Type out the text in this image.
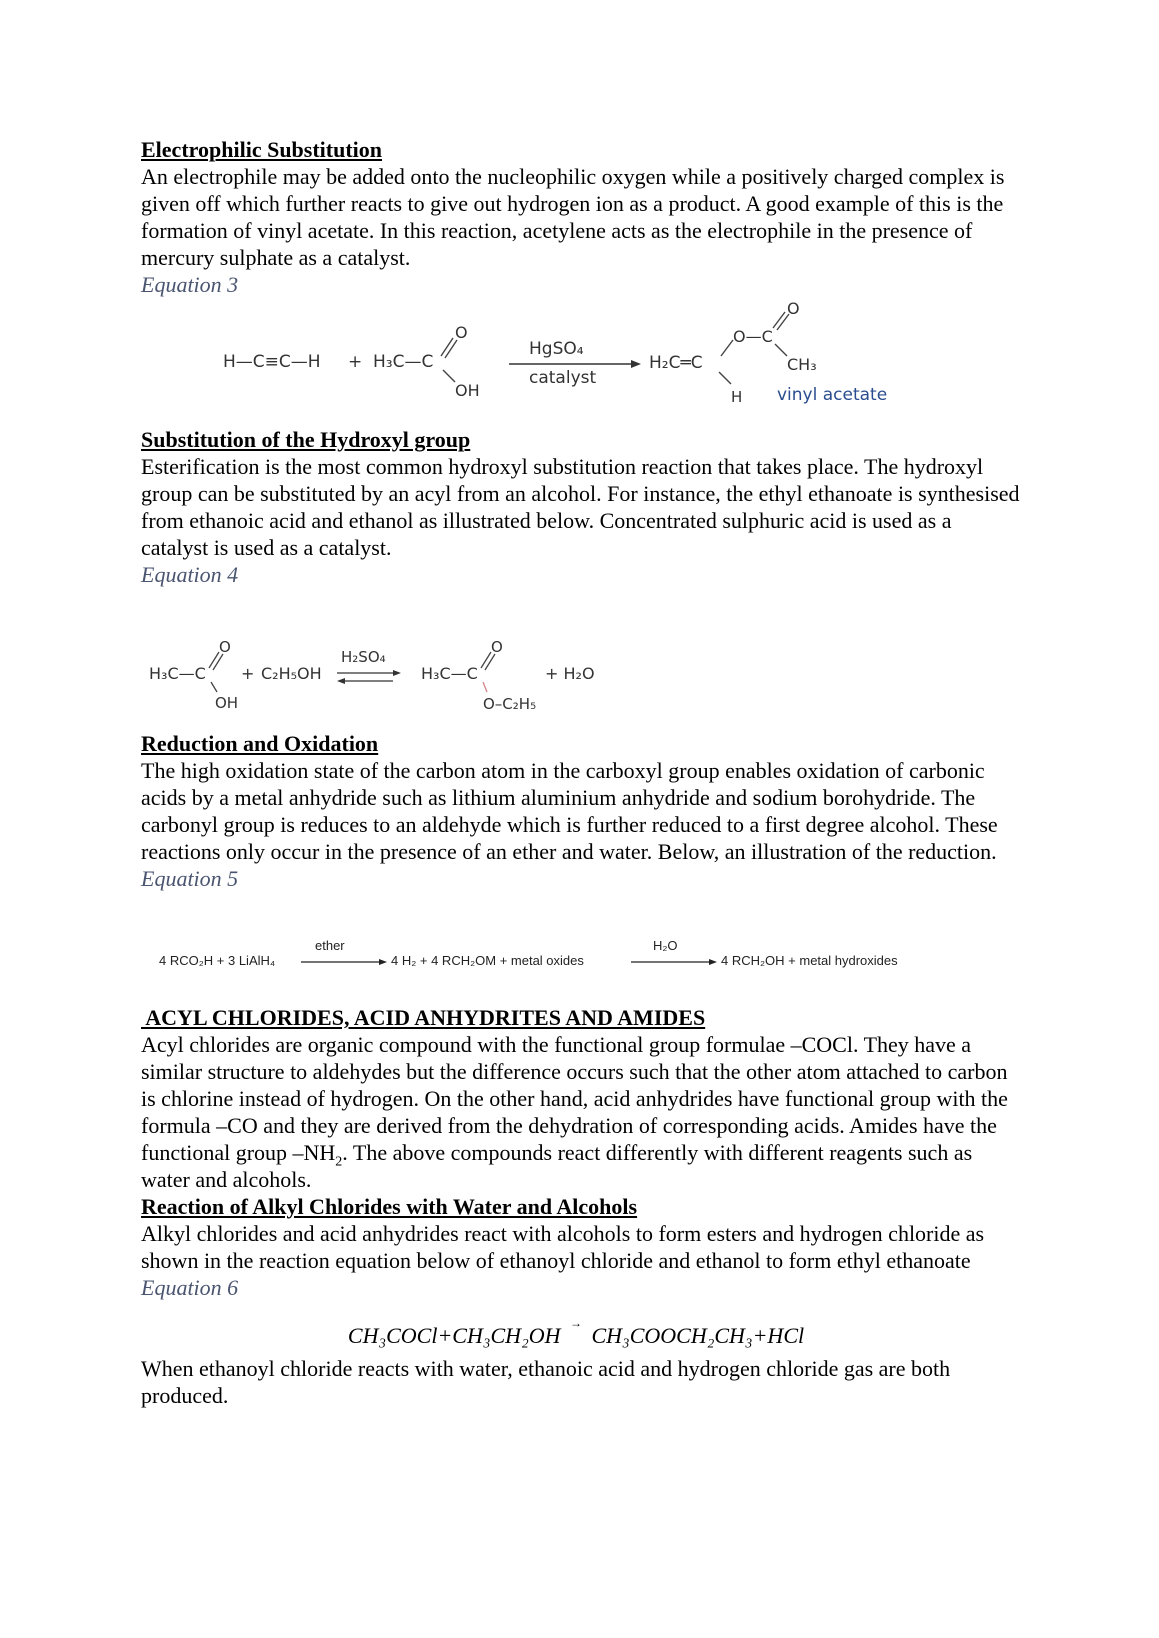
Electrophilic Substitution

An electrophile may be added onto the nucleophilic oxygen while a positively charged complex is given off which further reacts to give out hydrogen ion as a product. A good example of this is the formation of vinyl acetate. In this reaction, acetylene acts as the electrophile in the presence of mercury sulphate as a catalyst.

Equation 3

H—C≡C—H + H₃C—C
O
OH
HgSO₄
catalyst
H₂C═C
O—C
O
CH₃
H vinyl acetate

Substitution of the Hydroxyl group

Esterification is the most common hydroxyl substitution reaction that takes place. The hydroxyl group can be substituted by an acyl from an alcohol. For instance, the ethyl ethanoate is synthesised from ethanoic acid and ethanol as illustrated below. Concentrated sulphuric acid is used as a catalyst is used as a catalyst.

Equation 4

H₃C—C
O
OH
+ C₂H₅OH
H₂SO₄
H₃C—C
O
O–C₂H₅
+ H₂O

Reduction and Oxidation

The high oxidation state of the carbon atom in the carboxyl group enables oxidation of carbonic acids by a metal anhydride such as lithium aluminium anhydride and sodium borohydride. The carbonyl group is reduces to an aldehyde which is further reduced to a first degree alcohol. These reactions only occur in the presence of an ether and water. Below, an illustration of the reduction.

Equation 5

4 RCO₂H + 3 LiAlH₄
ether
4 H₂ + 4 RCH₂OM + metal oxides
H₂O
4 RCH₂OH + metal hydroxides

ACYL CHLORIDES, ACID ANHYDRITES AND AMIDES

Acyl chlorides are organic compound with the functional group formulae –COCl. They have a similar structure to aldehydes but the difference occurs such that the other atom attached to carbon is chlorine instead of hydrogen. On the other hand, acid anhydrides have functional group with the formula –CO and they are derived from the dehydration of corresponding acids. Amides have the functional group $-NH_2$. The above compounds react differently with different reagents such as water and alcohols.

Reaction of Alkyl Chlorides with Water and Alcohols

Alkyl chlorides and acid anhydrides react with alcohols to form esters and hydrogen chloride as shown in the reaction equation below of ethanoyl chloride and ethanol to form ethyl ethanoate

Equation 6

CH₃COCl+CH₃CH₂OH → CH₃COOCH₂CH₃+HCl

When ethanoyl chloride reacts with water, ethanoic acid and hydrogen chloride gas are both produced.
